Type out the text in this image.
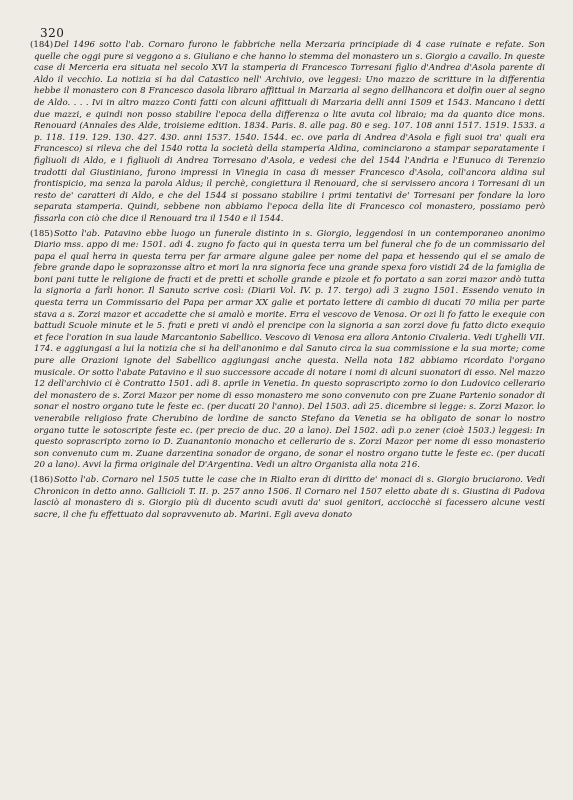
320
(184)Del 1496 sotto l'ab. Cornaro furono le fabbriche nella Merzaria principiade di 4 case ruinate e refate. Son quelle che oggi pure si veggono a s. Giuliano e che hanno lo stemma del monastero un s. Giorgio a cavallo. In queste case di Merceria era situata nel secolo XVI la stamperia di Francesco Torresani figlio d'Andrea d'Asola parente di Aldo il vecchio. La notizia si ha dal Catastico nell' Archivio, ove leggesi: Uno mazzo de scritture in la differentia hebbe il monastero con 8 Francesco dasola libraro affittual in Marzaria al segno dellhancora et dolfin ouer al segno de Aldo. . . . Ivi in altro mazzo Conti fatti con alcuni affittuali di Marzaria delli anni 1509 et 1543. Mancano i detti due mazzi, e quindi non posso stabilire l'epoca della differenza o lite avuta col libraio; ma da quanto dice mons. Renouard (Annales des Alde, troisieme edition. 1834. Paris. 8. alle pag. 80 e seg. 107. 108 anni 1517. 1519. 1533. a p. 118. 119. 129. 130. 427. 430. anni 1537. 1540. 1544. ec. ove parla di Andrea d'Asola e figli suoi tra' quali era Francesco) si rileva che del 1540 rotta la società della stamperia Aldina, cominciarono a stampar separatamente i figliuoli di Aldo, e i figliuoli di Andrea Torresano d'Asola, e vedesi che del 1544 l'Andria e l'Eunuco di Terenzio tradotti dal Giustiniano, furono impressi in Vinegia in casa di messer Francesco d'Asola, coll'ancora aldina sul frontispicio, ma senza la parola Aldus; il perchè, congiettura il Renouard, che si servissero ancora i Torresani di un resto de' caratteri di Aldo, e che del 1544 si possano stabilire i primi tentativi de' Torresani per fondare la loro separata stamperia. Quindi, sebbene non abbiamo l'epoca della lite di Francesco col monastero, possiamo però fissarla con ciò che dice il Renouard tra il 1540 e il 1544.
(185)Sotto l'ab. Patavino ebbe luogo un funerale distinto in s. Giorgio, leggendosi in un contemporaneo anonimo Diario mss. appo di me: 1501. adi 4. zugno fo facto qui in questa terra um bel funeral che fo de un commissario del papa el qual herra in questa terra per far armare algune galee per nome del papa et hessendo qui el se amalo de febre grande dapo le soprazonsse altro et mori la nra signoria fece una grande spexa foro vistidi 24 de la famiglia de boni pani tutte le religione de fracti et de pretti et scholle grande e pizole et fo portato a san zorzi mazor andò tutta la signoria a farli honor. Il Sanuto scrive così: (Diarii Vol. IV. p. 17. tergo) adì 3 zugno 1501. Essendo venuto in questa terra un Commissario del Papa per armar XX galie et portato lettere di cambio di ducati 70 milia per parte stava a s. Zorzi mazor et accadette che si amalò e morite. Erra el vescovo de Venosa. Or ozi li fo fatto le exequie con battudi Scuole minute et le 5. frati e preti vi andò el prencipe con la signoria a san zorzi dove fu fatto dicto exequio et fece l'oration in sua laude Marcantonio Sabellico. Vescovo di Venosa era allora Antonio Civaleria. Vedi Ughelli VII. 174. e aggiungasi a lui la notizia che si ha dell'anonimo e dal Sanuto circa la sua commissione e la sua morte; come pure alle Orazioni ignote del Sabellico aggiungasi anche questa. Nella nota 182 abbiamo ricordato l'organo musicale. Or sotto l'abate Patavino e il suo successore accade di notare i nomi di alcuni suonatori di esso. Nel mazzo 12 dell'archivio ci è Contratto 1501. adì 8. aprile in Venetia. In questo soprascripto zorno io don Ludovico cellerario del monastero de s. Zorzi Mazor per nome di esso monastero me sono convenuto con pre Zuane Partenio sonador di sonar el nostro organo tute le feste ec. (per ducati 20 l'anno). Del 1503. adì 25. dicembre si legge: s. Zorzi Mazor. lo venerabile religioso frate Cherubino de lordine de sancto Stefano da Venetia se ha obligato de sonar lo nostro organo tutte le sotoscripte feste ec. (per precio de duc. 20 a lano). Del 1502. adì p.o zener (cioè 1503.) leggesi: In questo soprascripto zorno io D. Zuanantonio monacho et cellerario de s. Zorzi Mazor per nome di esso monasterio son convenuto cum m. Zuane darzentina sonador de organo, de sonar el nostro organo tutte le feste ec. (per ducati 20 a lano). Avvi la firma originale del D'Argentina. Vedi un altro Organista alla nota 216.
(186)Sotto l'ab. Cornaro nel 1505 tutte le case che in Rialto eran di diritto de' monaci di s. Giorgio bruciarono. Vedi Chronicon in detto anno. Gallicioli T. II. p. 257 anno 1506. Il Cornaro nel 1507 eletto abate di s. Giustina di Padova lasciò al monastero di s. Giorgio più di ducento scudi avuti da' suoi genitori, acciocchè si facessero alcune vesti sacre, il che fu effettuato dal sopravvenuto ab. Marini. Egli aveva donato
